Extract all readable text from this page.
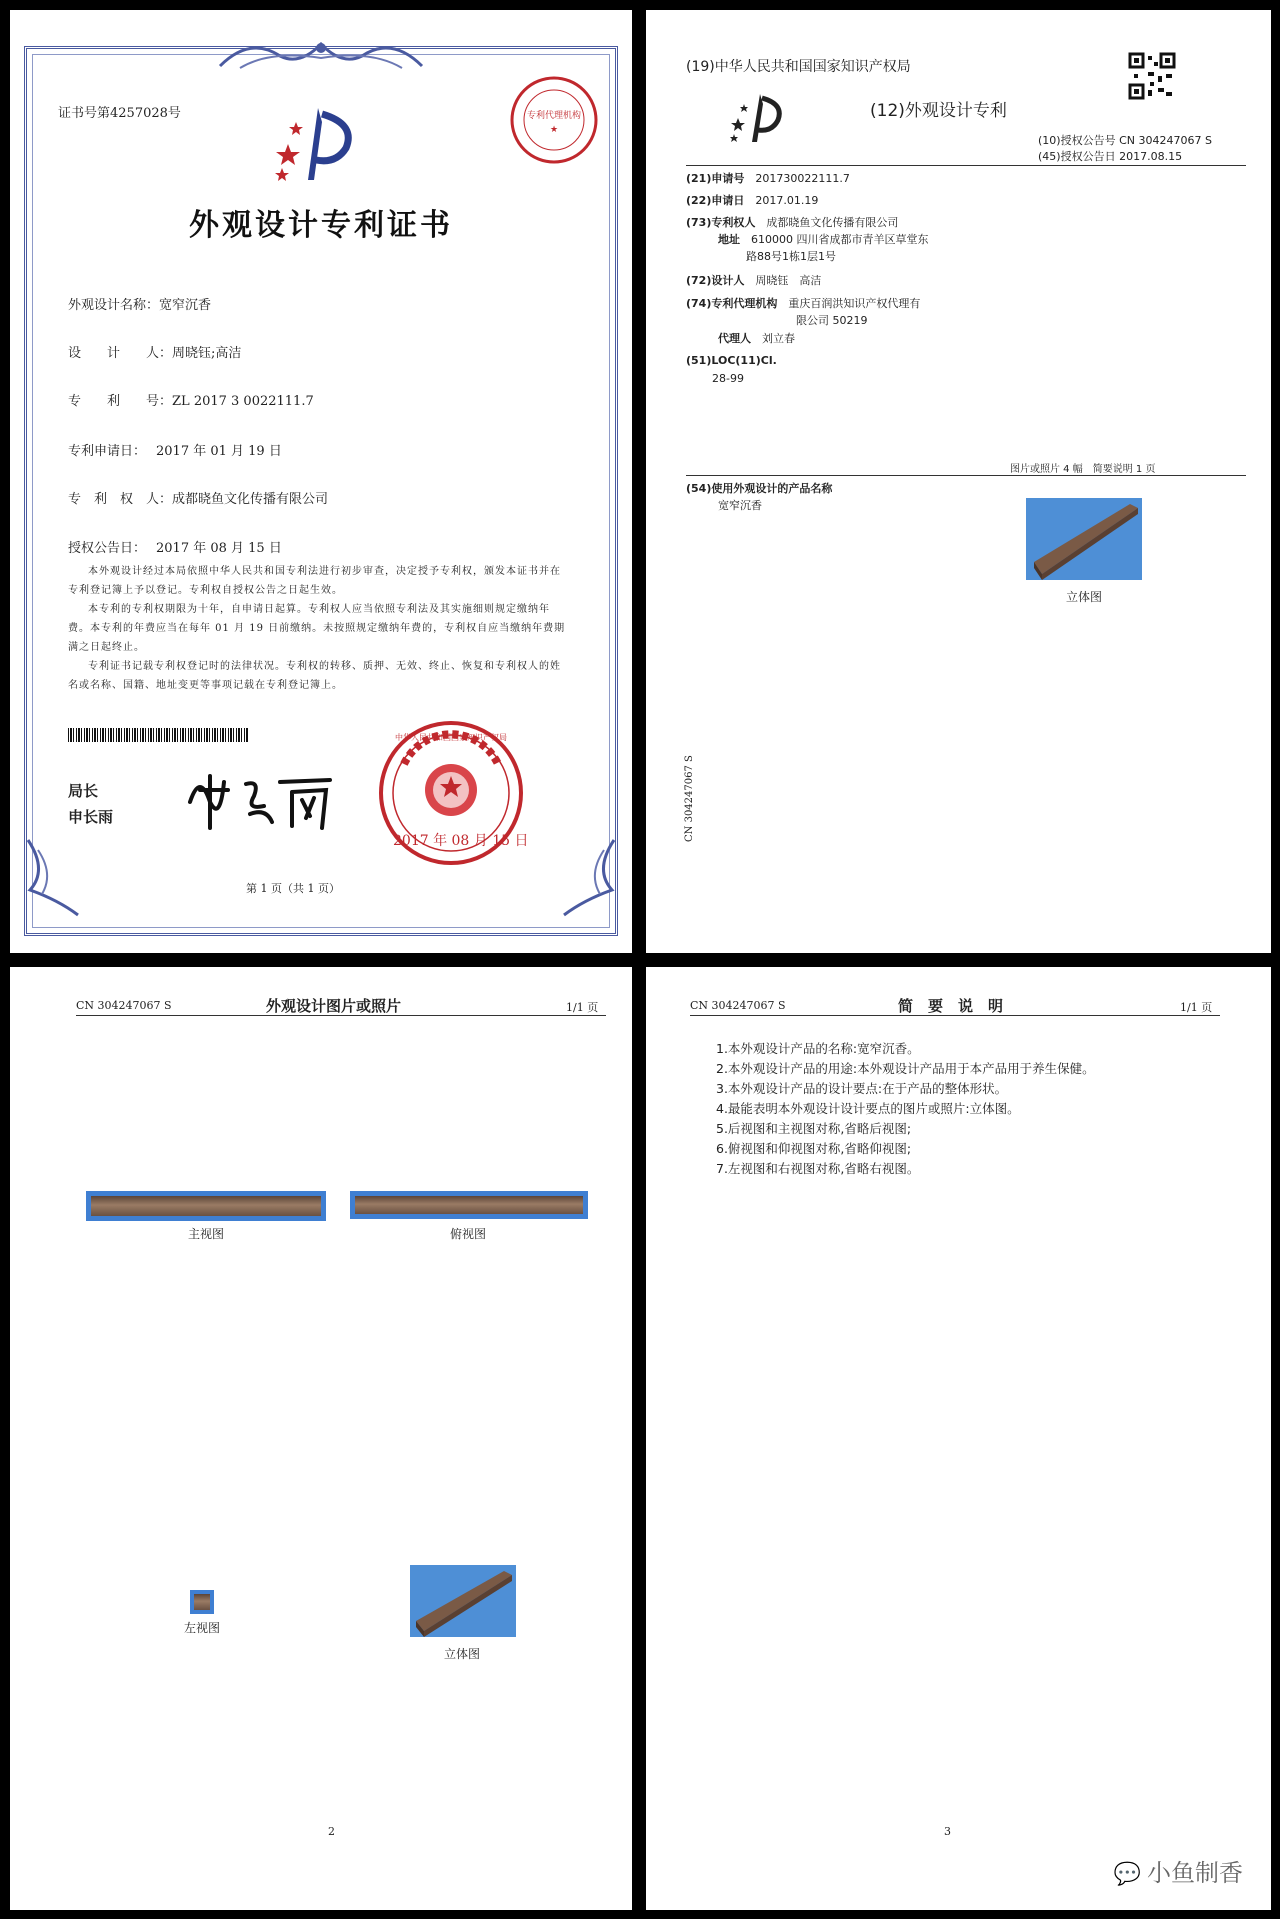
证书号第4257028号	专利代理机构
★
外观设计专利证书
外观设计名称：宽窄沉香
设　　计　　人：周晓钰;高洁
专　　利　　号：ZL 2017 3 0022111.7
专利申请日： 2017 年 01 月 19 日
专　利　权　人：成都晓鱼文化传播有限公司
授权公告日： 2017 年 08 月 15 日

本外观设计经过本局依照中华人民共和国专利法进行初步审查，决定授予专利权，颁发本证书并在专利登记簿上予以登记。专利权自授权公告之日起生效。

本专利的专利权期限为十年，自申请日起算。专利权人应当依照专利法及其实施细则规定缴纳年费。本专利的年费应当在每年 01 月 19 日前缴纳。未按照规定缴纳年费的，专利权自应当缴纳年费期满之日起终止。

专利证书记载专利权登记时的法律状况。专利权的转移、质押、无效、终止、恢复和专利权人的姓名或名称、国籍、地址变更等事项记载在专利登记簿上。

局长
申长雨
中华人民共和国国家知识产权局
2017 年 08 月 15 日
第 1 页（共 1 页）
(19)中华人民共和国国家知识产权局
(12)外观设计专利
(10)授权公告号 CN 304247067 S
(45)授权公告日 2017.08.15
(21)申请号　 201730022111.7
(22)申请日　 2017.01.19
(73)专利权人　 成都晓鱼文化传播有限公司
地址　 610000 四川省成都市青羊区草堂东
路88号1栋1层1号
(72)设计人　 周晓钰　高洁
(74)专利代理机构　 重庆百润洪知识产权代理有
限公司 50219
代理人　 刘立春
(51)LOC(11)Cl.
28-99
图片或照片 4 幅　简要说明 1 页
(54)使用外观设计的产品名称
宽窄沉香
立体图
CN 304247067 S
CN 304247067 S	外观设计图片或照片	1/1 页
主视图	俯视图
左视图
立体图
2
CN 304247067 S	简　要　说　明	1/1 页
1.本外观设计产品的名称:宽窄沉香。
2.本外观设计产品的用途:本外观设计产品用于本产品用于养生保健。
3.本外观设计产品的设计要点:在于产品的整体形状。
4.最能表明本外观设计设计要点的图片或照片:立体图。
5.后视图和主视图对称,省略后视图;
6.俯视图和仰视图对称,省略仰视图;
7.左视图和右视图对称,省略右视图。
3
💬 小鱼制香
